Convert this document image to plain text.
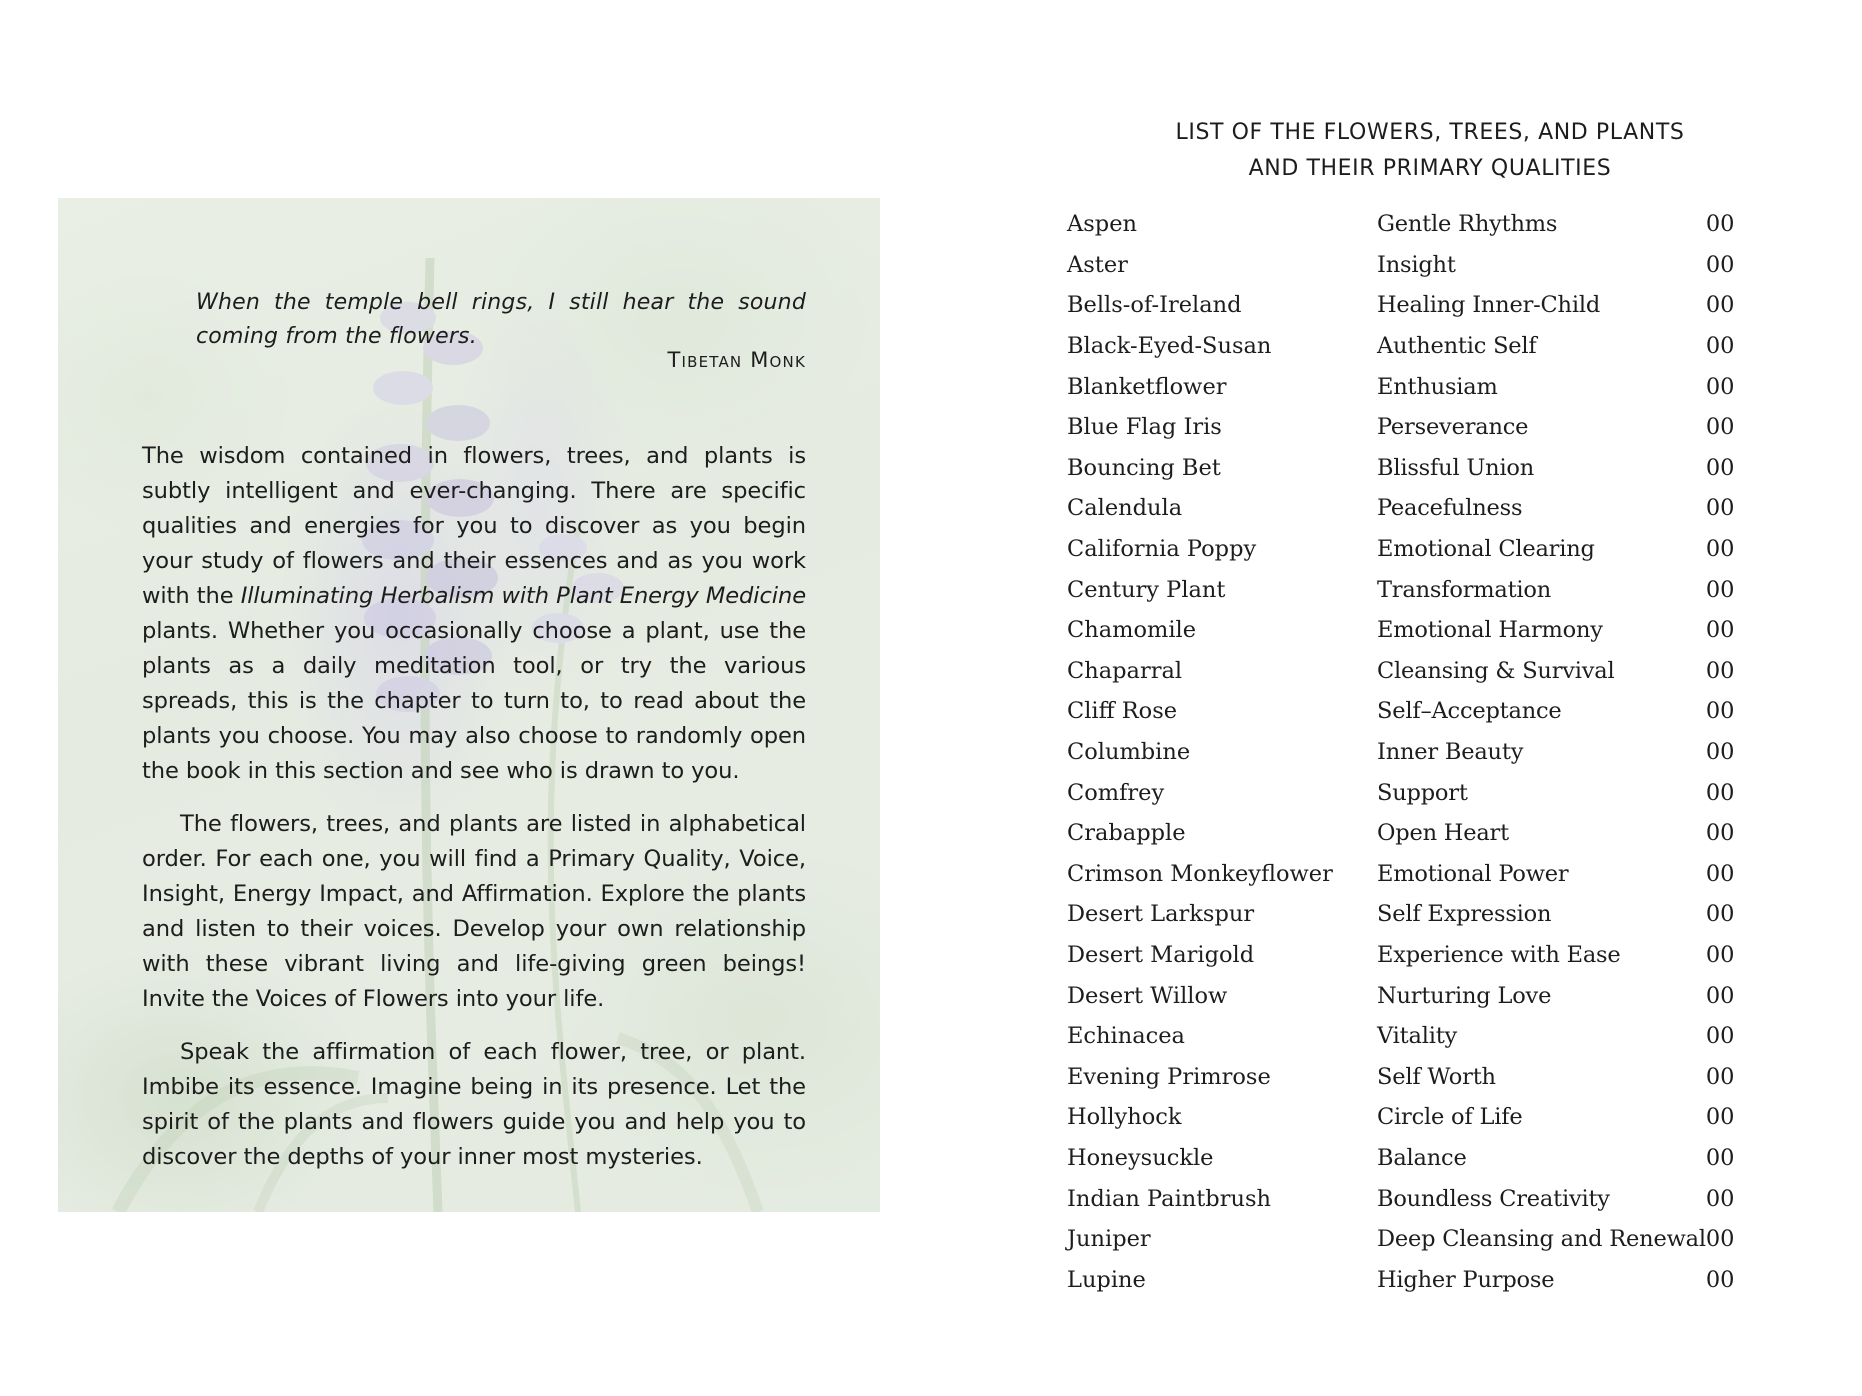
When the temple bell rings, I still hear the sound coming from the flowers.
Tibetan Monk

The wisdom contained in flowers, trees, and plants is subtly intelligent and ever-changing. There are specific qualities and energies for you to discover as you begin your study of flowers and their essences and as you work with the Illuminating Herbalism with Plant Energy Medicine plants. Whether you occasionally choose a plant, use the plants as a daily meditation tool, or try the various spreads, this is the chapter to turn to, to read about the plants you choose. You may also choose to randomly open the book in this section and see who is drawn to you.

The flowers, trees, and plants are listed in alphabetical order. For each one, you will find a Primary Quality, Voice, Insight, Energy Impact, and Affirmation. Explore the plants and listen to their voices. Develop your own relationship with these vibrant living and life-giving green beings! Invite the Voices of Flowers into your life.

Speak the affirmation of each flower, tree, or plant. Imbibe its essence. Imagine being in its presence. Let the spirit of the plants and flowers guide you and help you to discover the depths of your inner most mysteries.

LIST OF THE FLOWERS, TREES, AND PLANTS
AND THEIR PRIMARY QUALITIES
Aspen	Gentle Rhythms	00
Aster	Insight	00
Bells-of-Ireland	Healing Inner-Child	00
Black-Eyed-Susan	Authentic Self	00
Blanketflower	Enthusiam	00
Blue Flag Iris	Perseverance	00
Bouncing Bet	Blissful Union	00
Calendula	Peacefulness	00
California Poppy	Emotional Clearing	00
Century Plant	Transformation	00
Chamomile	Emotional Harmony	00
Chaparral	Cleansing & Survival	00
Cliff Rose	Self–Acceptance	00
Columbine	Inner Beauty	00
Comfrey	Support	00
Crabapple	Open Heart	00
Crimson Monkeyflower	Emotional Power	00
Desert Larkspur	Self Expression	00
Desert Marigold	Experience with Ease	00
Desert Willow	Nurturing Love	00
Echinacea	Vitality	00
Evening Primrose	Self Worth	00
Hollyhock	Circle of Life	00
Honeysuckle	Balance	00
Indian Paintbrush	Boundless Creativity	00
Juniper	Deep Cleansing and Renewal	00
Lupine	Higher Purpose	00
